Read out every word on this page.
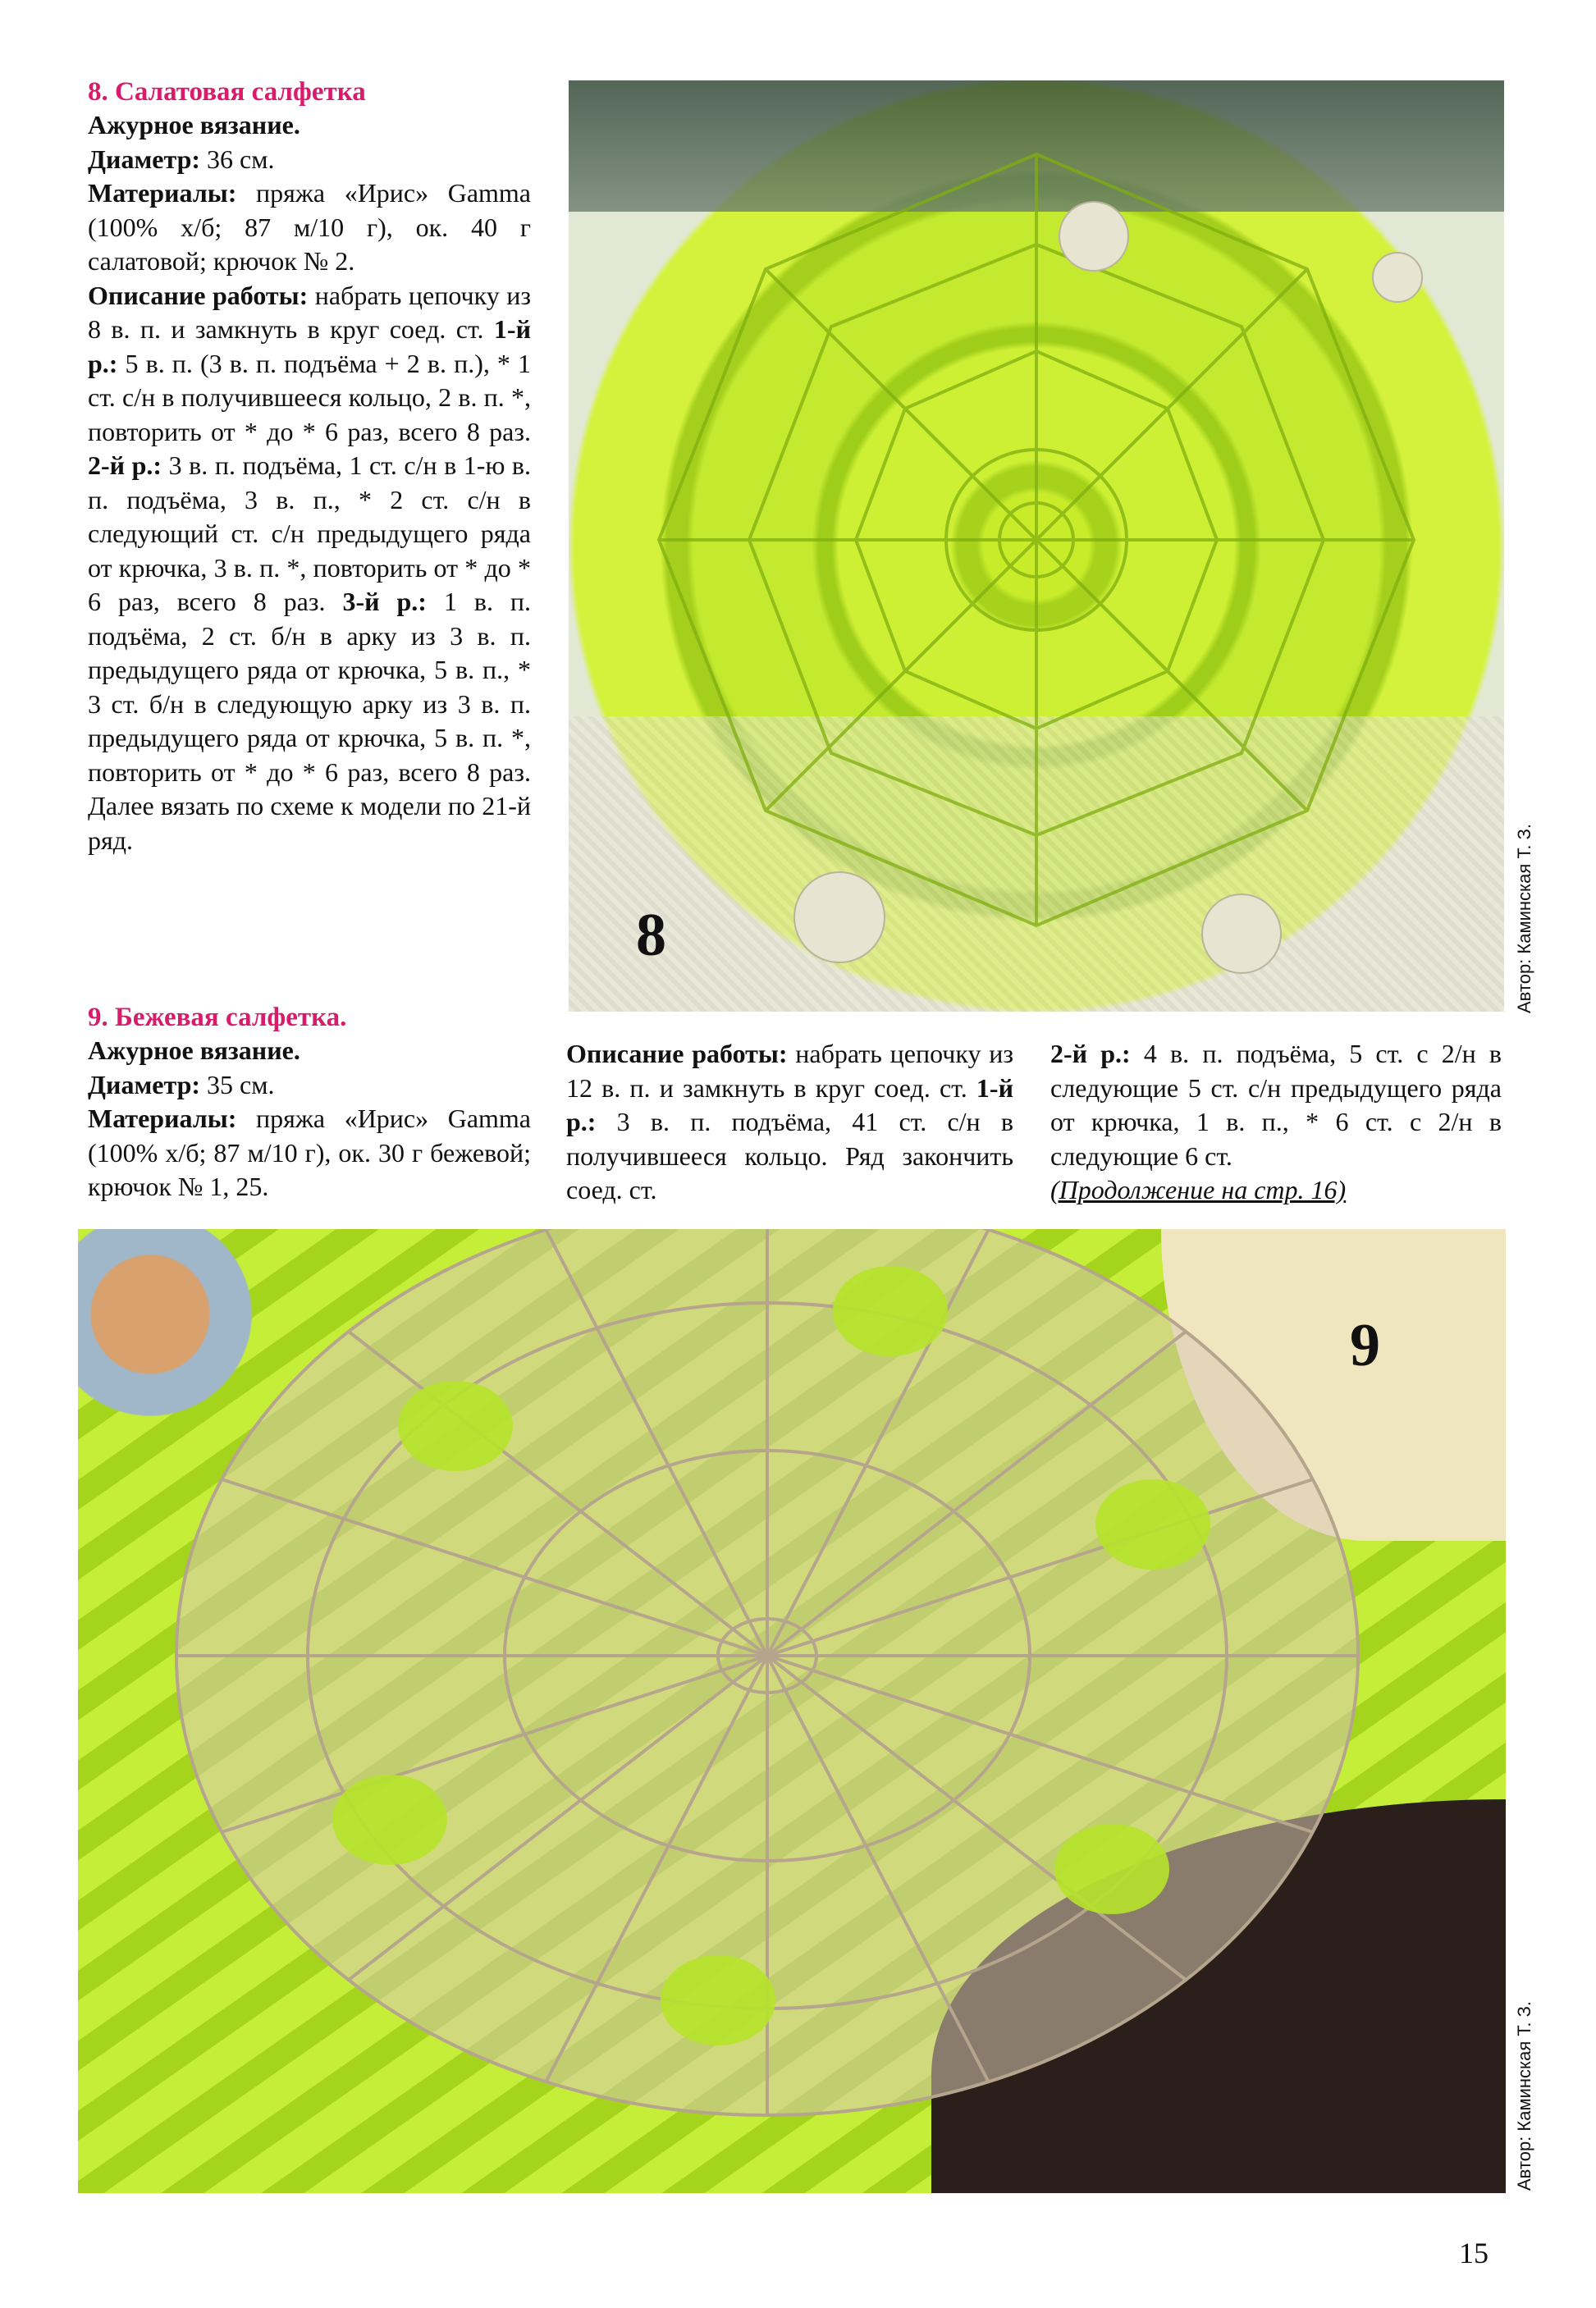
8. Салатовая салфетка

Ажурное вязание.
Диаметр: 36 см.
Материалы: пряжа «Ирис» Gamma (100% х/б; 87 м/10 г), ок. 40 г салатовой; крючок № 2.
Описание работы: набрать цепочку из 8 в. п. и замкнуть в круг соед. ст. 1-й р.: 5 в. п. (3 в. п. подъёма + 2 в. п.), * 1 ст. с/н в получившееся кольцо, 2 в. п. *, повторить от * до * 6 раз, всего 8 раз. 2-й р.: 3 в. п. подъёма, 1 ст. с/н в 1-ю в. п. подъёма, 3 в. п., * 2 ст. с/н в следующий ст. с/н предыдущего ряда от крючка, 3 в. п. *, повторить от * до * 6 раз, всего 8 раз. 3-й р.: 1 в. п. подъёма, 2 ст. б/н в арку из 3 в. п. предыдущего ряда от крючка, 5 в. п., * 3 ст. б/н в следующую арку из 3 в. п. предыдущего ряда от крючка, 5 в. п. *, повторить от * до * 6 раз, всего 8 раз. Далее вязать по схеме к модели по 21-й ряд.

8	Автор: Каминская Т. З.
9. Бежевая салфетка.

Ажурное вязание.
Диаметр: 35 см.
Материалы: пряжа «Ирис» Gamma (100% х/б; 87 м/10 г), ок. 30 г бежевой; крючок № 1, 25.

Описание работы: набрать цепочку из 12 в. п. и замкнуть в круг соед. ст. 1-й р.: 3 в. п. подъёма, 41 ст. с/н в получившееся кольцо. Ряд закончить соед. ст.

2-й р.: 4 в. п. подъёма, 5 ст. с 2/н в следующие 5 ст. с/н предыдущего ряда от крючка, 1 в. п., * 6 ст. с 2/н в следующие 6 ст.
(Продолжение на стр. 16)

9
Автор: Каминская Т. З.
15
